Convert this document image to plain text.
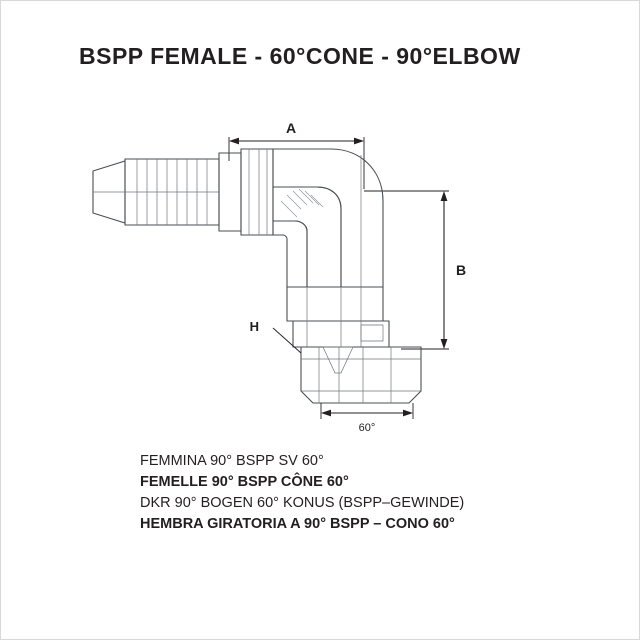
BSPP FEMALE - 60°CONE - 90°ELBOW
A
B
H
60°
FEMMINA 90° BSPP SV 60°
FEMELLE 90° BSPP CÔNE 60°
DKR 90° BOGEN 60° KONUS (BSPP–GEWINDE)
HEMBRA GIRATORIA A 90° BSPP – CONO 60°
